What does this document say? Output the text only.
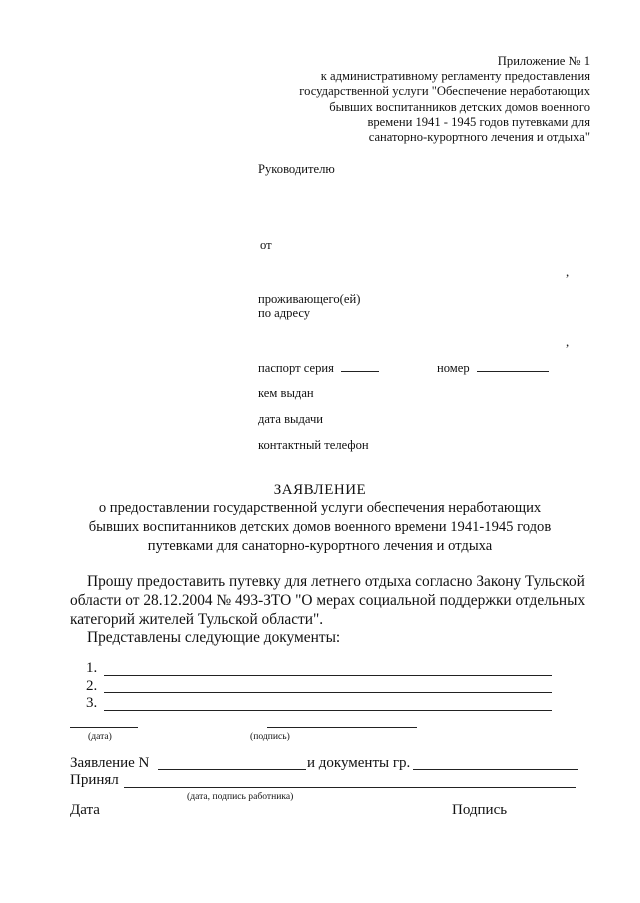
Приложение № 1
к административному регламенту предоставления
государственной услуги "Обеспечение неработающих
бывших воспитанников детских домов военного
времени 1941 - 1945 годов путевками для
санаторно-курортного лечения и отдыха"
Руководителю
от
,
проживающего(ей)
по адресу
,
паспорт серия	номер
кем выдан
дата выдачи
контактный телефон
ЗАЯВЛЕНИЕ
о предоставлении государственной услуги обеспечения неработающих
бывших воспитанников детских домов военного времени 1941-1945 годов
путевками для санаторно-курортного лечения и отдыха
Прошу предоставить путевку для летнего отдыха согласно Закону Тульской области от 28.12.2004 № 493-ЗТО "О мерах социальной поддержки отдельных категорий жителей Тульской области".
Представлены следующие документы:
1.
2.
3.
(дата)	(подпись)
Заявление N	и документы гр.
Принял
(дата, подпись работника)
Дата	Подпись
